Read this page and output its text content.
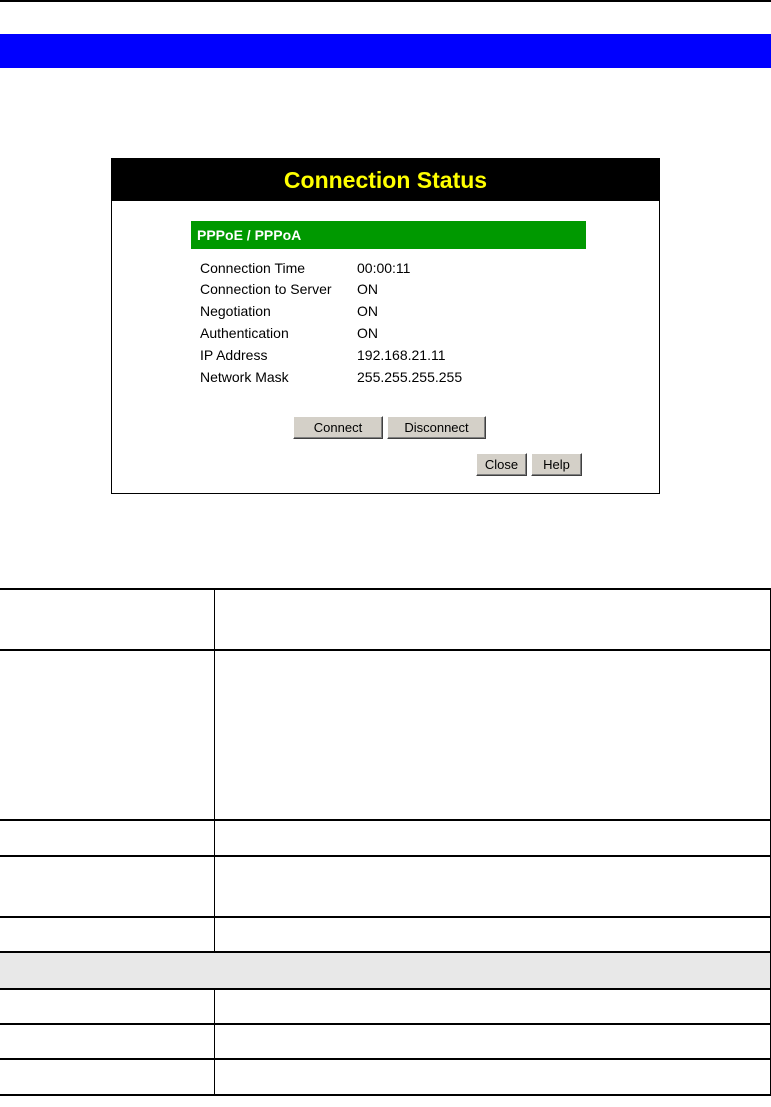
Connection Status
PPPoE / PPPoA
Connection Time	00:00:11
Connection to Server ON
Negotiation	ON
Authentication	ON
IP Address	192.168.21.11
Network Mask	255.255.255.255
Connect	Disconnect
Close	Help
